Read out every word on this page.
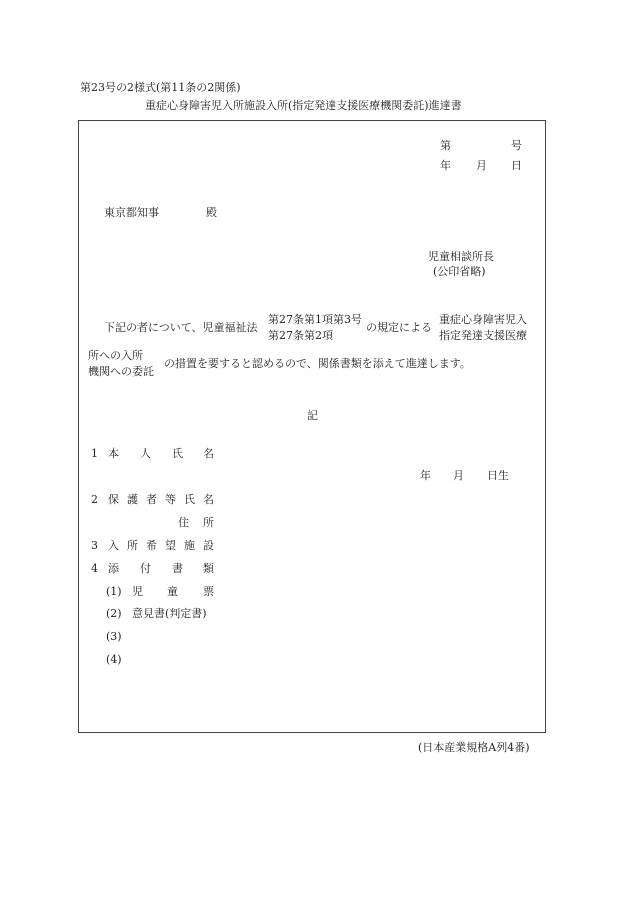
第23号の2様式(第11条の2関係)
重症心身障害児入所施設入所(指定発達支援医療機関委託)進達書
第	号
年 月 日
東京都知事	殿
児童相談所長
(公印省略)
下記の者について、児童福祉法
第27条第1項第3号
第27条第2項
の規定による
重症心身障害児入
指定発達支援医療
所への入所
機関への委託
の措置を要すると認めるので、関係書類を添えて進達します。
記
1 本 人 氏 名
年 月 日生
2 保 護 者 等 氏 名
住 所
3 入 所 希 望 施 設
4 添 付 書 類
(1) 児 童 票
(2) 意見書(判定書)
(3)
(4)
(日本産業規格A列4番)
